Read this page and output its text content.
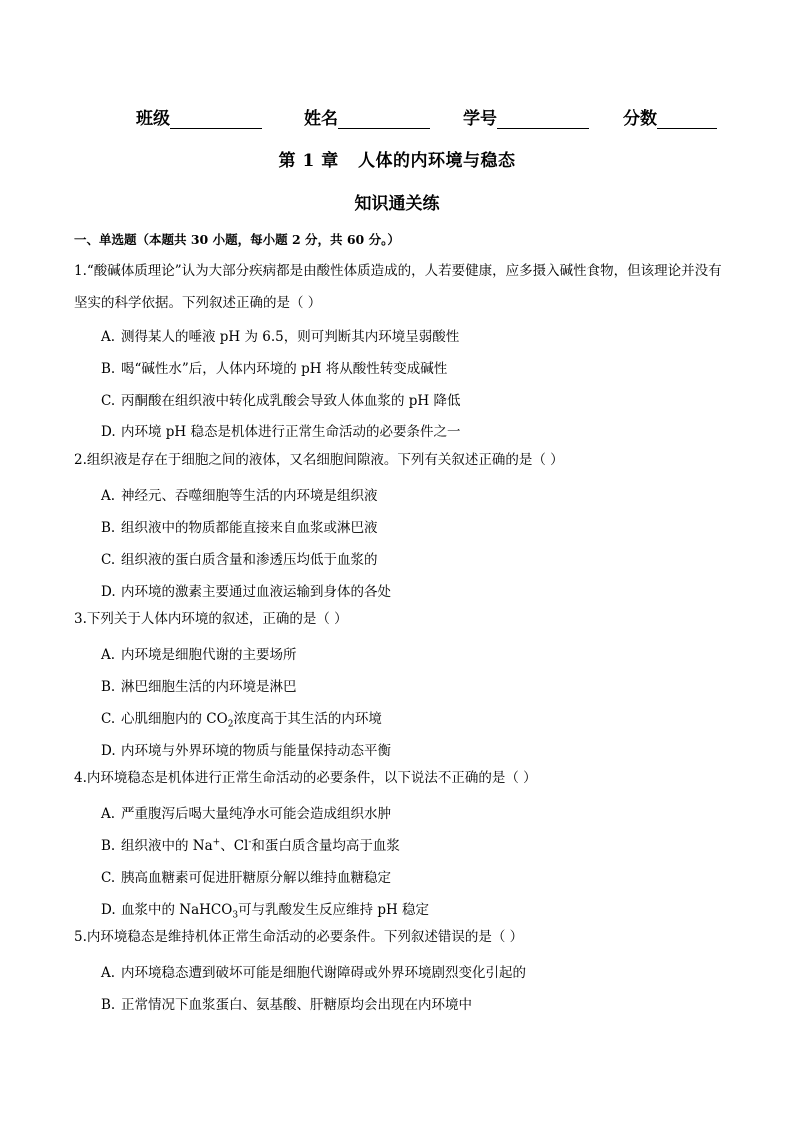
班级	姓名	学号	分数
第 1 章   人体的内环境与稳态
知识通关练
一、单选题（本题共 30 小题，每小题 2 分，共 60 分。）
1.“酸碱体质理论”认为大部分疾病都是由酸性体质造成的，人若要健康，应多摄入碱性食物，但该理论并没有坚实的科学依据。下列叙述正确的是（ ）
A. 测得某人的唾液 pH 为 6.5，则可判断其内环境呈弱酸性
B. 喝“碱性水”后，人体内环境的 pH 将从酸性转变成碱性
C. 丙酮酸在组织液中转化成乳酸会导致人体血浆的 pH 降低
D. 内环境 pH 稳态是机体进行正常生命活动的必要条件之一
2.组织液是存在于细胞之间的液体，又名细胞间隙液。下列有关叙述正确的是（ ）
A. 神经元、吞噬细胞等生活的内环境是组织液
B. 组织液中的物质都能直接来自血浆或淋巴液
C. 组织液的蛋白质含量和渗透压均低于血浆的
D. 内环境的激素主要通过血液运输到身体的各处
3.下列关于人体内环境的叙述，正确的是（ ）
A. 内环境是细胞代谢的主要场所
B. 淋巴细胞生活的内环境是淋巴
C. 心肌细胞内的 $CO_2$浓度高于其生活的内环境
D. 内环境与外界环境的物质与能量保持动态平衡
4.内环境稳态是机体进行正常生命活动的必要条件，以下说法不正确的是（ ）
A. 严重腹泻后喝大量纯净水可能会造成组织水肿
B. 组织液中的 Na+、Cl-和蛋白质含量均高于血浆
C. 胰高血糖素可促进肝糖原分解以维持血糖稳定
D. 血浆中的 NaHCO$_3$可与乳酸发生反应维持 pH 稳定
5.内环境稳态是维持机体正常生命活动的必要条件。下列叙述错误的是（ ）
A. 内环境稳态遭到破坏可能是细胞代谢障碍或外界环境剧烈变化引起的
B. 正常情况下血浆蛋白、氨基酸、肝糖原均会出现在内环境中
